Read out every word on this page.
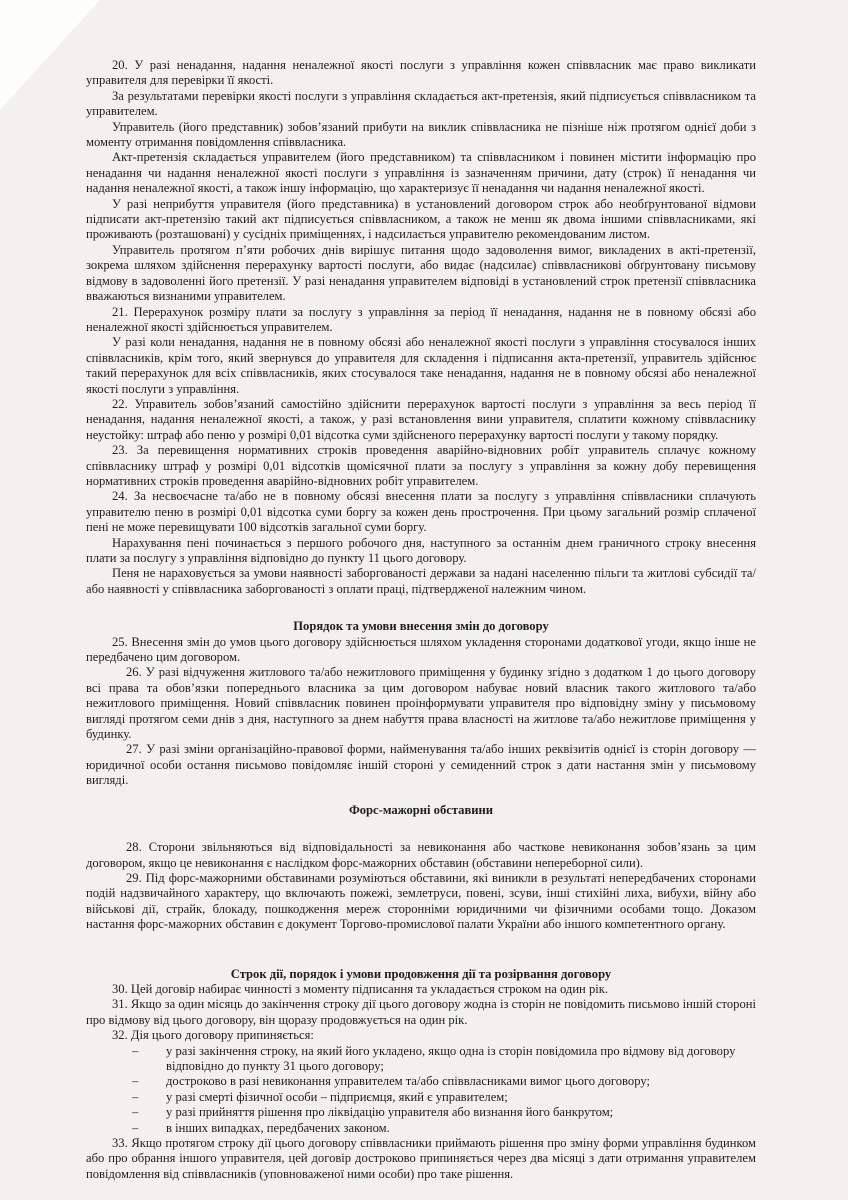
20. У разі ненадання, надання неналежної якості послуги з управління кожен співвласник має право викликати управителя для перевірки її якості.

За результатами перевірки якості послуги з управління складається акт-претензія, який підписується співвласником та управителем.

Управитель (його представник) зобов’язаний прибути на виклик співвласника не пізніше ніж протягом однієї доби з моменту отримання повідомлення співвласника.

Акт-претензія складається управителем (його представником) та співвласником і повинен містити інформацію про ненадання чи надання неналежної якості послуги з управління із зазначенням причини, дату (строк) її ненадання чи надання неналежної якості, а також іншу інформацію, що характеризує її ненадання чи надання неналежної якості.

У разі неприбуття управителя (його представника) в установлений договором строк або необґрунтованої відмови підписати акт-претензію такий акт підписується співвласником, а також не менш як двома іншими співвласниками, які проживають (розташовані) у сусідніх приміщеннях, і надсилається управителю рекомендованим листом.

Управитель протягом п’яти робочих днів вирішує питання щодо задоволення вимог, викладених в акті-претензії, зокрема шляхом здійснення перерахунку вартості послуги, або видає (надсилає) співвласникові обґрунтовану письмову відмову в задоволенні його претензії. У разі ненадання управителем відповіді в установлений строк претензії співвласника вважаються визнаними управителем.

21. Перерахунок розміру плати за послугу з управління за період її ненадання, надання не в повному обсязі або неналежної якості здійснюється управителем.

У разі коли ненадання, надання не в повному обсязі або неналежної якості послуги з управління стосувалося інших співвласників, крім того, який звернувся до управителя для складення і підписання акта-претензії, управитель здійснює такий перерахунок для всіх співвласників, яких стосувалося таке ненадання, надання не в повному обсязі або неналежної якості послуги з управління.

22. Управитель зобов’язаний самостійно здійснити перерахунок вартості послуги з управління за весь період її ненадання, надання неналежної якості, а також, у разі встановлення вини управителя, сплатити кожному співвласнику неустойку: штраф або пеню у розмірі 0,01 відсотка суми здійсненого перерахунку вартості послуги у такому порядку.

23. За перевищення нормативних строків проведення аварійно-відновних робіт управитель сплачує кожному співвласнику штраф у розмірі 0,01 відсотків щомісячної плати за послугу з управління за кожну добу перевищення нормативних строків проведення аварійно-відновних робіт управителем.

24. За несвоєчасне та/або не в повному обсязі внесення плати за послугу з управління співвласники сплачують управителю пеню в розмірі 0,01 відсотка суми боргу за кожен день прострочення. При цьому загальний розмір сплаченої пені не може перевищувати 100 відсотків загальної суми боргу.

Нарахування пені починається з першого робочого дня, наступного за останнім днем граничного строку внесення плати за послугу з управління відповідно до пункту 11 цього договору.

Пеня не нараховується за умови наявності заборгованості держави за надані населенню пільги та житлові субсидії та/або наявності у співвласника заборгованості з оплати праці, підтвердженої належним чином.

Порядок та умови внесення змін до договору

25. Внесення змін до умов цього договору здійснюється шляхом укладення сторонами додаткової угоди, якщо інше не передбачено цим договором.

26. У разі відчуження житлового та/або нежитлового приміщення у будинку згідно з додатком 1 до цього договору всі права та обов’язки попереднього власника за цим договором набуває новий власник такого житлового та/або нежитлового приміщення. Новий співвласник повинен проінформувати управителя про відповідну зміну у письмовому вигляді протягом семи днів з дня, наступного за днем набуття права власності на житлове та/або нежитлове приміщення у будинку.

27. У разі зміни організаційно-правової форми, найменування та/або інших реквізитів однієї із сторін договору — юридичної особи остання письмово повідомляє іншій стороні у семиденний строк з дати настання змін у письмовому вигляді.

Форс-мажорні обставини

28. Сторони звільняються від відповідальності за невиконання або часткове невиконання зобов’язань за цим договором, якщо це невиконання є наслідком форс-мажорних обставин (обставини непереборної сили).

29. Під форс-мажорними обставинами розуміються обставини, які виникли в результаті непередбачених сторонами подій надзвичайного характеру, що включають пожежі, землетруси, повені, зсуви, інші стихійні лиха, вибухи, війну або військові дії, страйк, блокаду, пошкодження мереж сторонніми юридичними чи фізичними особами тощо. Доказом настання форс-мажорних обставин є документ Торгово-промислової палати України або іншого компетентного органу.

Строк дії, порядок і умови продовження дії та розірвання договору

30. Цей договір набирає чинності з моменту підписання та укладається строком на один рік.

31. Якщо за один місяць до закінчення строку дії цього договору жодна із сторін не повідомить письмово іншій стороні про відмову від цього договору, він щоразу продовжується на один рік.

32. Дія цього договору припиняється:

– у разі закінчення строку, на який його укладено, якщо одна із сторін повідомила про відмову від договору відповідно до пункту 31 цього договору;
– достроково в разі невиконання управителем та/або співвласниками вимог цього договору;
– у разі смерті фізичної особи – підприємця, який є управителем;
– у разі прийняття рішення про ліквідацію управителя або визнання його банкрутом;
– в інших випадках, передбачених законом.

33. Якщо протягом строку дії цього договору співвласники приймають рішення про зміну форми управління будинком або про обрання іншого управителя, цей договір достроково припиняється через два місяці з дати отримання управителем повідомлення від співвласників (уповноваженої ними особи) про таке рішення.
